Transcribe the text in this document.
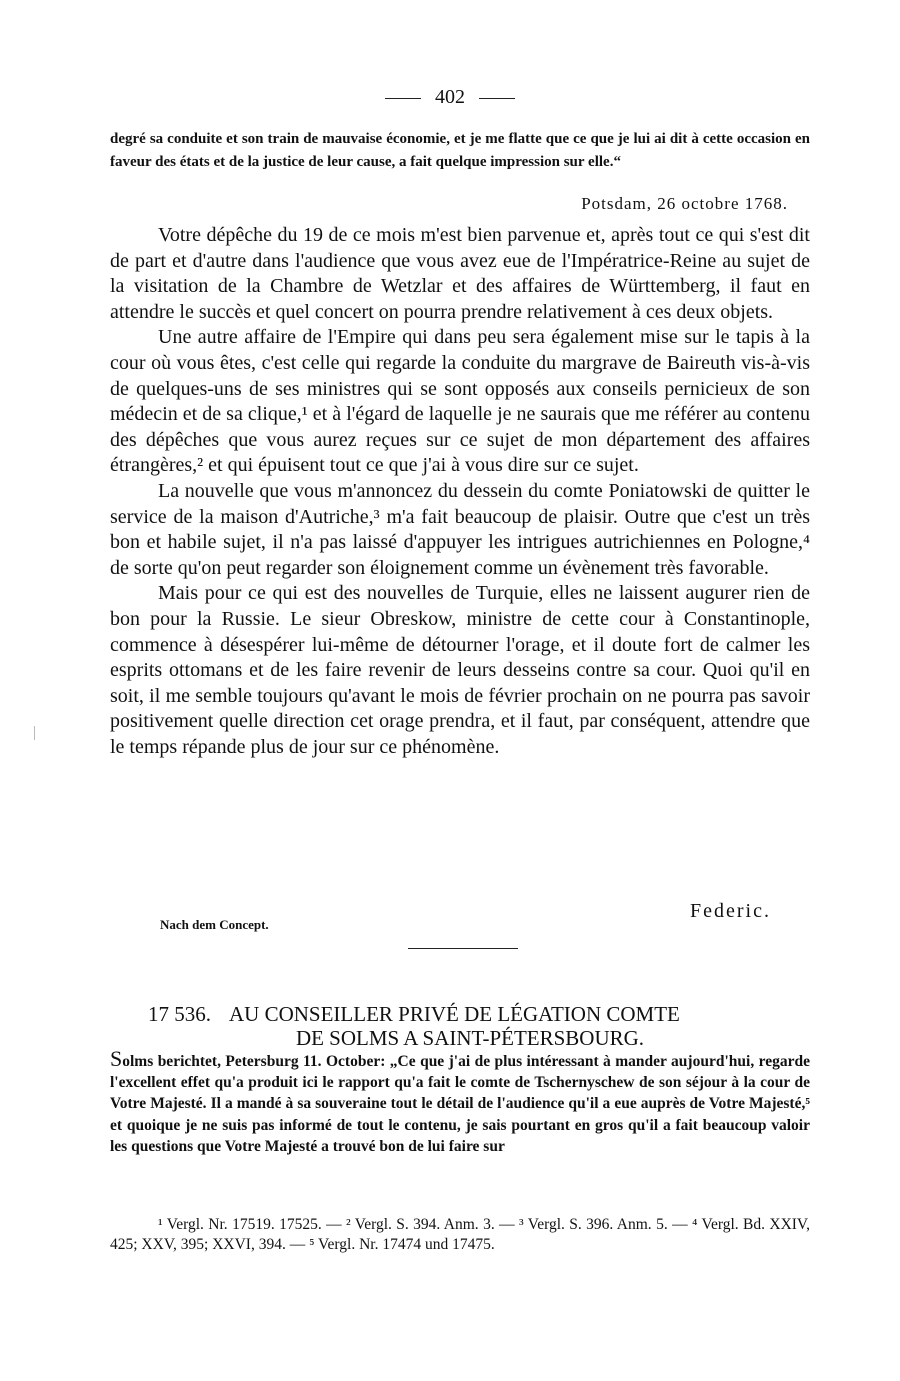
402

degré sa conduite et son train de mauvaise économie, et je me flatte que ce que je lui ai dit à cette occasion en faveur des états et de la justice de leur cause, a fait quelque impression sur elle.“

Potsdam, 26 octobre 1768.

Votre dépêche du 19 de ce mois m'est bien parvenue et, après tout ce qui s'est dit de part et d'autre dans l'audience que vous avez eue de l'Impératrice-Reine au sujet de la visitation de la Chambre de Wetzlar et des affaires de Württemberg, il faut en attendre le succès et quel concert on pourra prendre relativement à ces deux objets.

Une autre affaire de l'Empire qui dans peu sera également mise sur le tapis à la cour où vous êtes, c'est celle qui regarde la conduite du margrave de Baireuth vis-à-vis de quelques-uns de ses ministres qui se sont opposés aux conseils pernicieux de son médecin et de sa clique,¹ et à l'égard de laquelle je ne saurais que me référer au contenu des dépêches que vous aurez reçues sur ce sujet de mon département des affaires étrangères,² et qui épuisent tout ce que j'ai à vous dire sur ce sujet.

La nouvelle que vous m'annoncez du dessein du comte Poniatowski de quitter le service de la maison d'Autriche,³ m'a fait beaucoup de plaisir. Outre que c'est un très bon et habile sujet, il n'a pas laissé d'appuyer les intrigues autrichiennes en Pologne,⁴ de sorte qu'on peut regarder son éloignement comme un évènement très favorable.

Mais pour ce qui est des nouvelles de Turquie, elles ne laissent augurer rien de bon pour la Russie. Le sieur Obreskow, ministre de cette cour à Constantinople, commence à désespérer lui-même de détourner l'orage, et il doute fort de calmer les esprits ottomans et de les faire revenir de leurs desseins contre sa cour. Quoi qu'il en soit, il me semble toujours qu'avant le mois de février prochain on ne pourra pas savoir positivement quelle direction cet orage prendra, et il faut, par conséquent, attendre que le temps répande plus de jour sur ce phénomène.

Federic.
Nach dem Concept.
17 536. AU CONSEILLER PRIVÉ DE LÉGATION COMTE
DE SOLMS A SAINT-PÉTERSBOURG.

Solms berichtet, Petersburg 11. October: „Ce que j'ai de plus intéressant à mander aujourd'hui, regarde l'excellent effet qu'a produit ici le rapport qu'a fait le comte de Tschernyschew de son séjour à la cour de Votre Majesté. Il a mandé à sa souveraine tout le détail de l'audience qu'il a eue auprès de Votre Majesté,⁵ et quoique je ne suis pas informé de tout le contenu, je sais pourtant en gros qu'il a fait beaucoup valoir les questions que Votre Majesté a trouvé bon de lui faire sur

¹ Vergl. Nr. 17519. 17525. — ² Vergl. S. 394. Anm. 3. — ³ Vergl. S. 396. Anm. 5. — ⁴ Vergl. Bd. XXIV, 425; XXV, 395; XXVI, 394. — ⁵ Vergl. Nr. 17474 und 17475.
